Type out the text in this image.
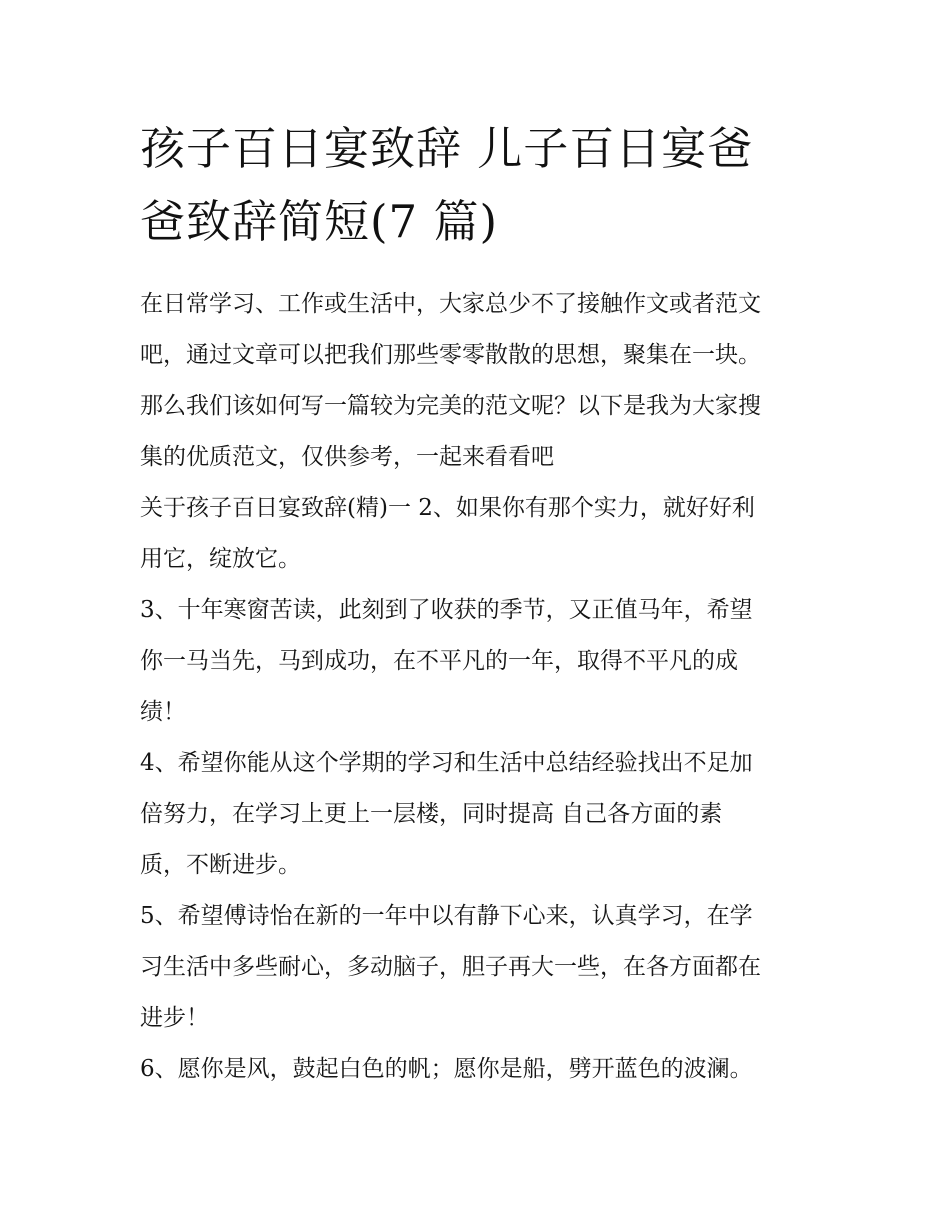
孩子百日宴致辞 儿子百日宴爸
爸致辞简短(7 篇)

在日常学习、工作或生活中，大家总少不了接触作文或者范文
吧，通过文章可以把我们那些零零散散的思想，聚集在一块。
那么我们该如何写一篇较为完美的范文呢？以下是我为大家搜
集的优质范文，仅供参考，一起来看看吧

关于孩子百日宴致辞(精)一 2、如果你有那个实力，就好好利
用它，绽放它。

3、十年寒窗苦读，此刻到了收获的季节，又正值马年，希望
你一马当先，马到成功，在不平凡的一年，取得不平凡的成
绩！

4、希望你能从这个学期的学习和生活中总结经验找出不足加
倍努力，在学习上更上一层楼，同时提高 自己各方面的素
质，不断进步。

5、希望傅诗怡在新的一年中以有静下心来，认真学习，在学
习生活中多些耐心，多动脑子，胆子再大一些，在各方面都在
进步！

6、愿你是风，鼓起白色的帆；愿你是船，劈开蓝色的波澜。
